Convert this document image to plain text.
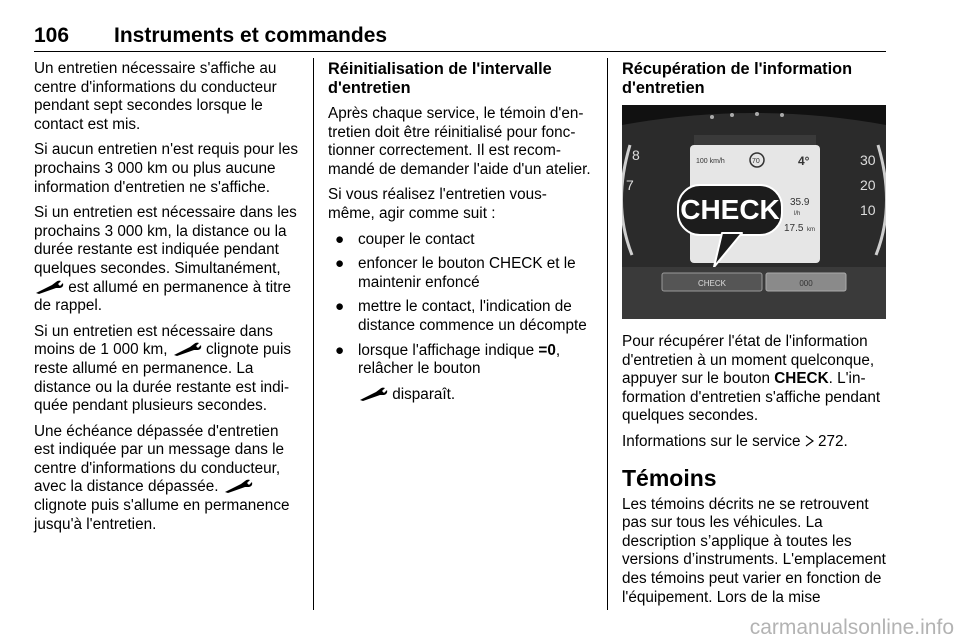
106 Instruments et commandes

Un entretien nécessaire s'affiche au centre d'informations du conducteur pendant sept secondes lorsque le contact est mis.

Si aucun entretien n'est requis pour les prochains 3 000 km ou plus aucune information d'entretien ne s'affiche.

Si un entretien est nécessaire dans les prochains 3 000 km, la distance ou la durée restante est indiquée pendant quelques secondes. Simultanément,  est allumé en permanence à titre de rappel.

Si un entretien est nécessaire dans moins de 1 000 km,	clignote puis reste allumé en permanence. La distance ou la durée restante est indiquée pendant plusieurs secondes.

Une échéance dépassée d'entretien est indiquée par un message dans le centre d'informations du conducteur, avec la distance dépassée.  clignote puis s'allume en permanence jusqu'à l'entretien.

Réinitialisation de l'intervalle d'entretien

Après chaque service, le témoin d'entretien doit être réinitialisé pour fonctionner correctement. Il est recommandé de demander l'aide d'un atelier.

Si vous réalisez l'entretien vous-même, agir comme suit :

● couper le contact
● enfoncer le bouton CHECK et le maintenir enfoncé
● mettre le contact, l'indication de distance commence un décompte
● lorsque l'affichage indique =0, relâcher le bouton

disparaît.

Récupération de l'information d'entretien
8
7
30
20
10
100 km/h	70	4°
35.9
l/h
17.5 km
CHECK
CHECK	000

Pour récupérer l'état de l'information d'entretien à un moment quelconque, appuyer sur le bouton CHECK. L'information d'entretien s'affiche pendant quelques secondes.

Informations sur le service 272.

Témoins

Les témoins décrits ne se retrouvent pas sur tous les véhicules. La description s’applique à toutes les versions d’instruments. L'emplacement des témoins peut varier en fonction de l'équipement. Lors de la mise

carmanualsonline.info
